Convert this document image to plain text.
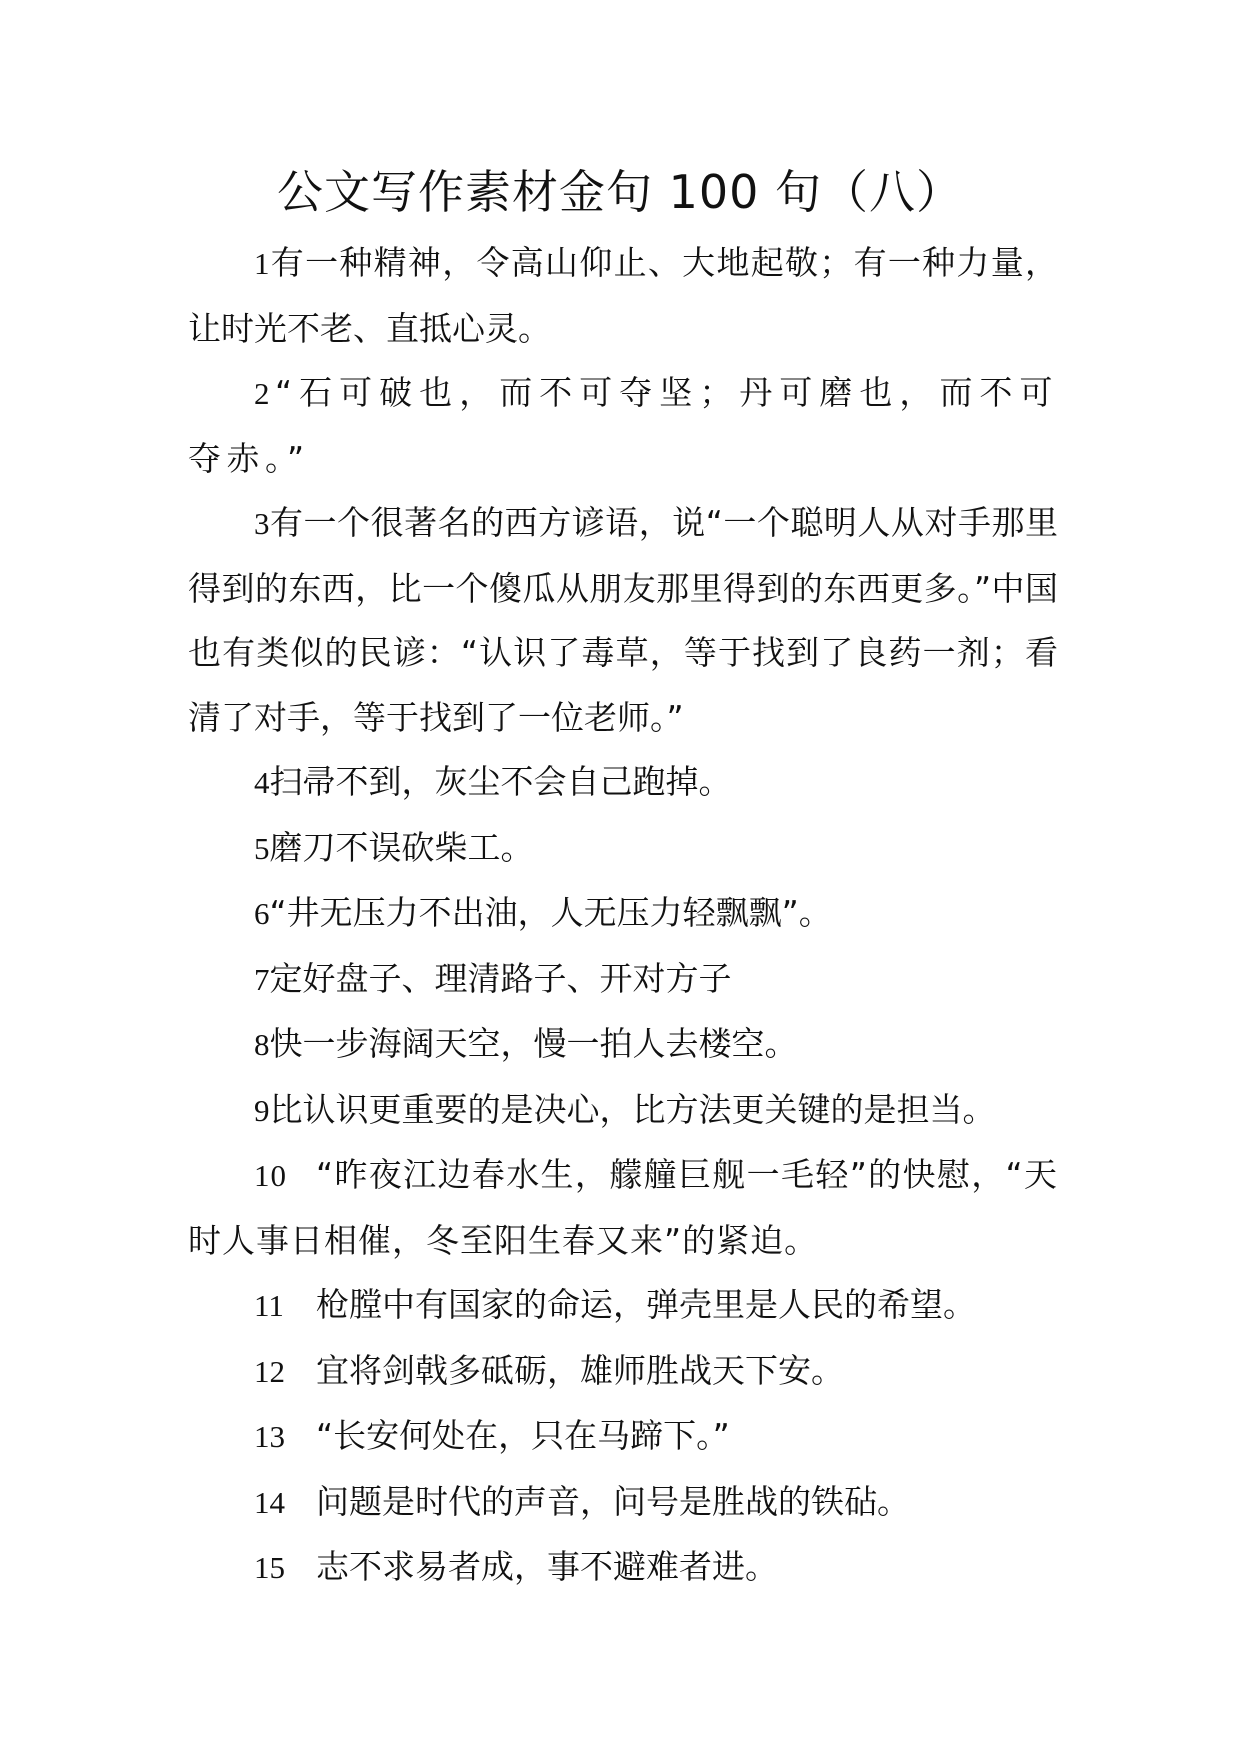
公文写作素材金句 100 句（八）

1有一种精神，令高山仰止、大地起敬；有一种力量，让时光不老、直抵心灵。

2“石可破也，而不可夺坚；丹可磨也，而不可夺赤。”

3有一个很著名的西方谚语，说“一个聪明人从对手那里得到的东西，比一个傻瓜从朋友那里得到的东西更多。”中国也有类似的民谚：“认识了毒草，等于找到了良药一剂；看清了对手，等于找到了一位老师。”

4扫帚不到，灰尘不会自己跑掉。

5磨刀不误砍柴工。

6“井无压力不出油，人无压力轻飘飘”。

7定好盘子、理清路子、开对方子

8快一步海阔天空，慢一拍人去楼空。

9比认识更重要的是决心，比方法更关键的是担当。

10 “昨夜江边春水生，艨艟巨舰一毛轻”的快慰，“天时人事日相催，冬至阳生春又来”的紧迫。

11 枪膛中有国家的命运，弹壳里是人民的希望。

12 宜将剑戟多砥砺，雄师胜战天下安。

13 “长安何处在，只在马蹄下。”

14 问题是时代的声音，问号是胜战的铁砧。

15 志不求易者成，事不避难者进。
